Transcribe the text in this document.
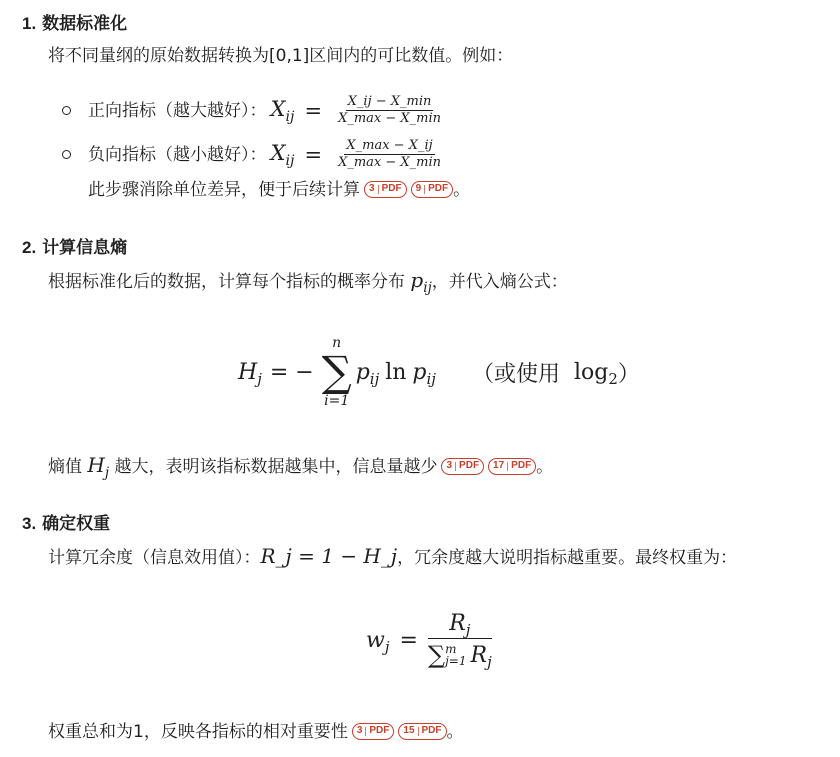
1. 数据标准化
将不同量纲的原始数据转换为[0,1]区间内的可比数值。例如：
正向指标（越大越好）： $X_{ij} = \frac{X\_ij - X\_\min}{X\_\max - X\_\min}$
负向指标（越小越好）： $X_{ij} = \frac{X\_\max - X\_ij}{X\_\max - X\_\min}$
此步骤消除单位差异，便于后续计算 3 PDF 9 PDF 。
2. 计算信息熵
根据标准化后的数据，计算每个指标的概率分布 $p_{ij}$，并代入熵公式：
$H_j$ = −
n
∑
i=1
$p_{ij}$ $\ln p_{ij}$ （或使用 $\log_2$ ）
熵值 $H_j$ 越大，表明该指标数据越集中，信息量越少 3 PDF 17 PDF 。
3. 确定权重
计算冗余度（信息效用值）：R_j = 1 − H_j，冗余度越大说明指标越重要。最终权重为：
$w_j = R_j$
∑ m
j=1 $R_j$
权重总和为1，反映各指标的相对重要性 3 PDF 15 PDF 。
